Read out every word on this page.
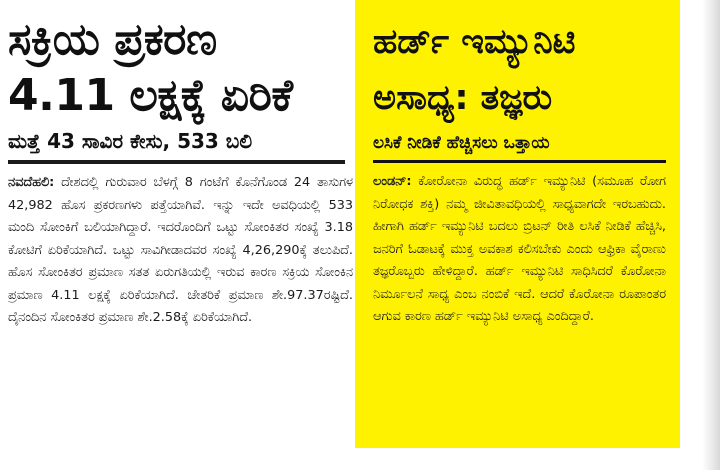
ಸಕ್ರಿಯ ಪ್ರಕರಣ
4.11 ಲಕ್ಷಕ್ಕೆ ಏರಿಕೆ
ಮತ್ತೆ 43 ಸಾವಿರ ಕೇಸು, 533 ಬಲಿ

ನವದೆಹಲಿ: ದೇಶದಲ್ಲಿ ಗುರುವಾರ ಬೆಳಗ್ಗೆ 8 ಗಂಟೆಗೆ ಕೊನೆಗೊಂಡ 24 ತಾಸುಗಳ 42,982 ಹೊಸ ಪ್ರಕರಣಗಳು ಪತ್ತೆಯಾಗಿವೆ. ಇನ್ನು ಇದೇ ಅವಧಿಯಲ್ಲಿ 533 ಮಂದಿ ಸೋಂಕಿಗೆ ಬಲಿಯಾಗಿದ್ದಾರೆ. ಇದರೊಂದಿಗೆ ಒಟ್ಟು ಸೋಂಕಿತರ ಸಂಖ್ಯೆ 3.18 ಕೋಟಿಗೆ ಏರಿಕೆಯಾಗಿದೆ. ಒಟ್ಟು ಸಾವಿಗೀಡಾದವರ ಸಂಖ್ಯೆ 4,26,290ಕ್ಕೆ ತಲುಪಿದೆ. ಹೊಸ ಸೋಂಕಿತರ ಪ್ರಮಾಣ ಸತತ ಏರುಗತಿಯಲ್ಲಿ ಇರುವ ಕಾರಣ ಸಕ್ರಿಯ ಸೋಂಕಿನ ಪ್ರಮಾಣ 4.11 ಲಕ್ಷಕ್ಕೆ ಏರಿಕೆಯಾಗಿದೆ. ಚೇತರಿಕೆ ಪ್ರಮಾಣ ಶೇ.97.37ರಷ್ಟಿದೆ. ದೈನಂದಿನ ಸೋಂಕಿತರ ಪ್ರಮಾಣ ಶೇ.2.58ಕ್ಕೆ ಏರಿಕೆಯಾಗಿದೆ.

ಹರ್ಡ್ ಇಮ್ಯುನಿಟಿ
ಅಸಾಧ್ಯ: ತಜ್ಞರು
ಲಸಿಕೆ ನೀಡಿಕೆ ಹೆಚ್ಚಿಸಲು ಒತ್ತಾಯ

ಲಂಡನ್: ಕೋರೋನಾ ವಿರುದ್ಧ ಹರ್ಡ್ ಇಮ್ಯುನಿಟಿ (ಸಮೂಹ ರೋಗ ನಿರೋಧಕ ಶಕ್ತಿ) ನಮ್ಮ ಜೀವಿತಾವಧಿಯಲ್ಲಿ ಸಾಧ್ಯವಾಗದೇ ಇರಬಹುದು. ಹೀಗಾಗಿ ಹರ್ಡ್ ಇಮ್ಯುನಿಟಿ ಬದಲು ಬ್ರಿಟನ್ ರೀತಿ ಲಸಿಕೆ ನೀಡಿಕೆ ಹೆಚ್ಚಿಸಿ, ಜನರಿಗೆ ಓಡಾಟಕ್ಕೆ ಮುಕ್ತ ಅವಕಾಶ ಕಲಿಸಬೇಕು ಎಂದು ಆಫ್ರಿಕಾ ವೈರಾಣು ತಜ್ಞರೊಬ್ಬರು ಹೇಳಿದ್ದಾರೆ. ಹರ್ಡ್ ಇಮ್ಯುನಿಟಿ ಸಾಧಿಸಿದರೆ ಕೊರೋನಾ ನಿರ್ಮೂಲನೆ ಸಾಧ್ಯ ಎಂಬ ನಂಬಿಕೆ ಇದೆ. ಆದರೆ ಕೊರೋನಾ ರೂಪಾಂತರ ಆಗುವ ಕಾರಣ ಹರ್ಡ್ ಇಮ್ಯುನಿಟಿ ಅಸಾಧ್ಯ ಎಂದಿದ್ದಾರೆ.
